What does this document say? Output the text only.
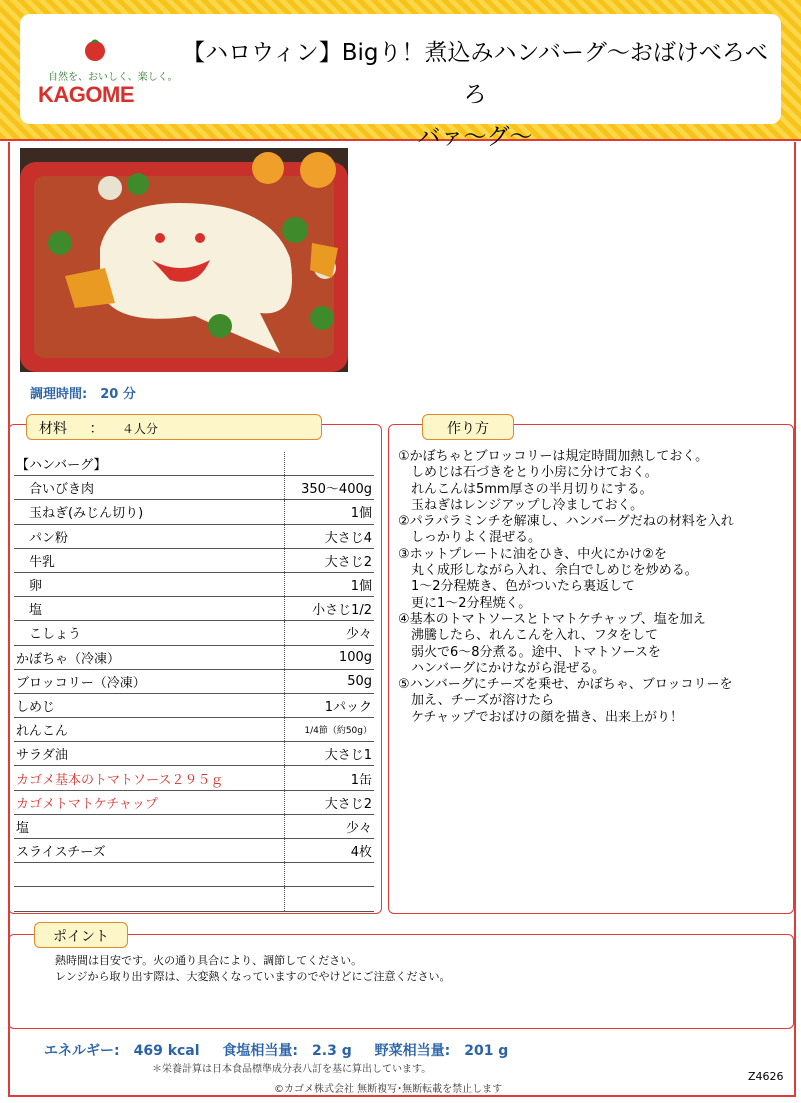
自然を、おいしく、楽しく。
KAGOME
【ハロウィン】Bigり！煮込みハンバーグ～おばけべろべろ
バァ～グ～
調理時間:　20 分
材料 ： ４人分
【ハンバーグ】	
　合いびき肉	350～400g
　玉ねぎ(みじん切り)	1個
　パン粉	大さじ4
　牛乳	大さじ2
　卵	1個
　塩	小さじ1/2
　こしょう	少々
かぼちゃ（冷凍）	100g
ブロッコリー（冷凍）	50g
しめじ	1パック
れんこん	1/4節（約50g）
サラダ油	大さじ1
カゴメ基本のトマトソース２９５ｇ	1缶
カゴメトマトケチャップ	大さじ2
塩	少々
スライスチーズ	4枚

作り方
①かぼちゃとブロッコリーは規定時間加熱しておく。
　しめじは石づきをとり小房に分けておく。
　れんこんは5mm厚さの半月切りにする。
　玉ねぎはレンジアップし冷ましておく。
②パラパラミンチを解凍し、ハンバーグだねの材料を入れ
　しっかりよく混ぜる。
③ホットプレートに油をひき、中火にかけ②を
　丸く成形しながら入れ、余白でしめじを炒める。
　1～2分程焼き、色がついたら裏返して
　更に1～2分程焼く。
④基本のトマトソースとトマトケチャップ、塩を加え
　沸騰したら、れんこんを入れ、フタをして
　弱火で6～8分煮る。途中、トマトソースを
　ハンバーグにかけながら混ぜる。
⑤ハンバーグにチーズを乗せ、かぼちゃ、ブロッコリーを
　加え、チーズが溶けたら
　ケチャップでおばけの顔を描き、出来上がり！
ポイント
熱時間は目安です。火の通り具合により、調節してください。
レンジから取り出す際は、大変熱くなっていますのでやけどにご注意ください。
エネルギー:　469 kcal 食塩相当量:　2.3 g 野菜相当量:　201 g
＊栄養計算は日本食品標準成分表八訂を基に算出しています。
©カゴメ株式会社 無断複写･無断転載を禁止します
Z4626
